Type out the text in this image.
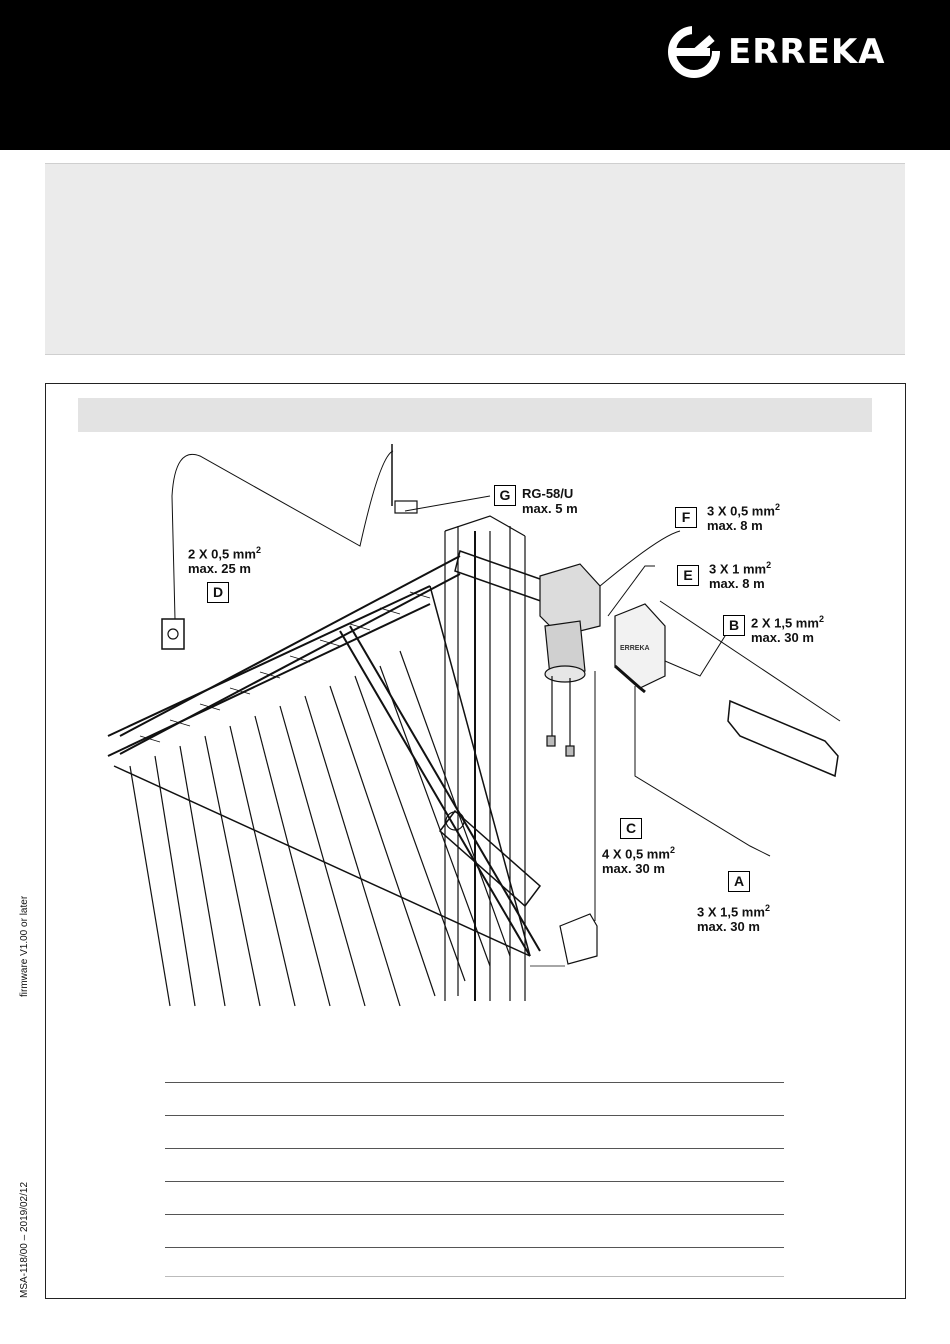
ERREKA
firmware V1.00 or later
MSA-118/00 – 2019/02/12
ERREKA
G RG-58/U
max. 5 m
F	3 X 0,5 $mm^2$
max. 8 m
E	3 X 1 $mm^2$
max. 8 m
B 2 X 1,5 $mm^2$
max. 30 m
D
2 X 0,5 $mm^2$
max. 25 m
C
4 X 0,5 $mm^2$
max. 30 m
A
3 X 1,5 $mm^2$
max. 30 m
